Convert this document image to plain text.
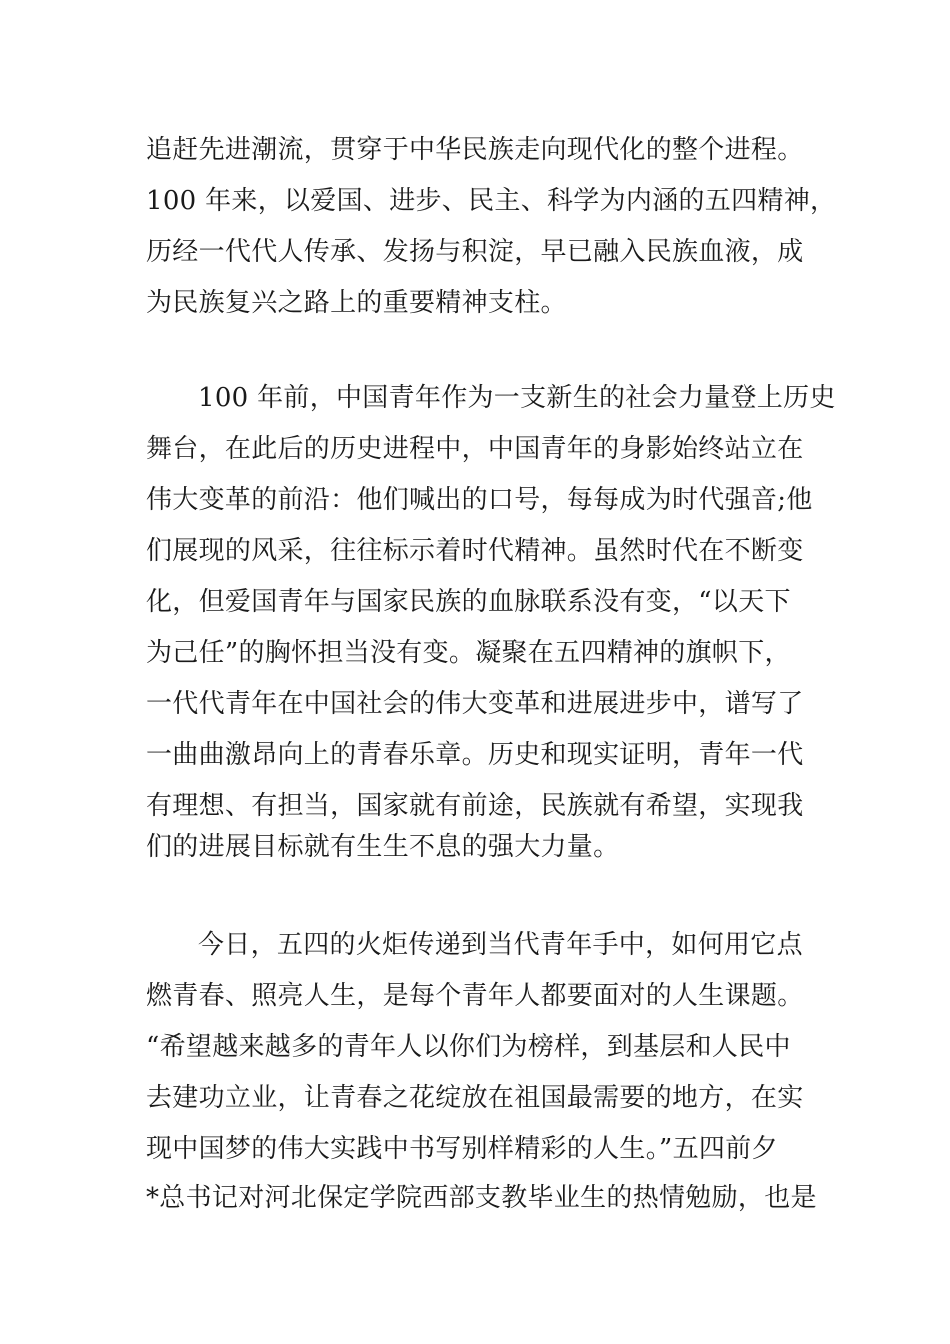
追赶先进潮流，贯穿于中华民族走向现代化的整个进程。
100 年来，以爱国、进步、民主、科学为内涵的五四精神，
历经一代代人传承、发扬与积淀，早已融入民族血液，成
为民族复兴之路上的重要精神支柱。
100 年前，中国青年作为一支新生的社会力量登上历史
舞台，在此后的历史进程中，中国青年的身影始终站立在
伟大变革的前沿：他们喊出的口号，每每成为时代强音;他
们展现的风采，往往标示着时代精神。虽然时代在不断变
化，但爱国青年与国家民族的血脉联系没有变，“以天下
为己任”的胸怀担当没有变。凝聚在五四精神的旗帜下，
一代代青年在中国社会的伟大变革和进展进步中，谱写了
一曲曲激昂向上的青春乐章。历史和现实证明，青年一代
有理想、有担当，国家就有前途，民族就有希望，实现我
们的进展目标就有生生不息的强大力量。
今日，五四的火炬传递到当代青年手中，如何用它点
燃青春、照亮人生，是每个青年人都要面对的人生课题。
“希望越来越多的青年人以你们为榜样，到基层和人民中
去建功立业，让青春之花绽放在祖国最需要的地方，在实
现中国梦的伟大实践中书写别样精彩的人生。”五四前夕
*总书记对河北保定学院西部支教毕业生的热情勉励，也是
